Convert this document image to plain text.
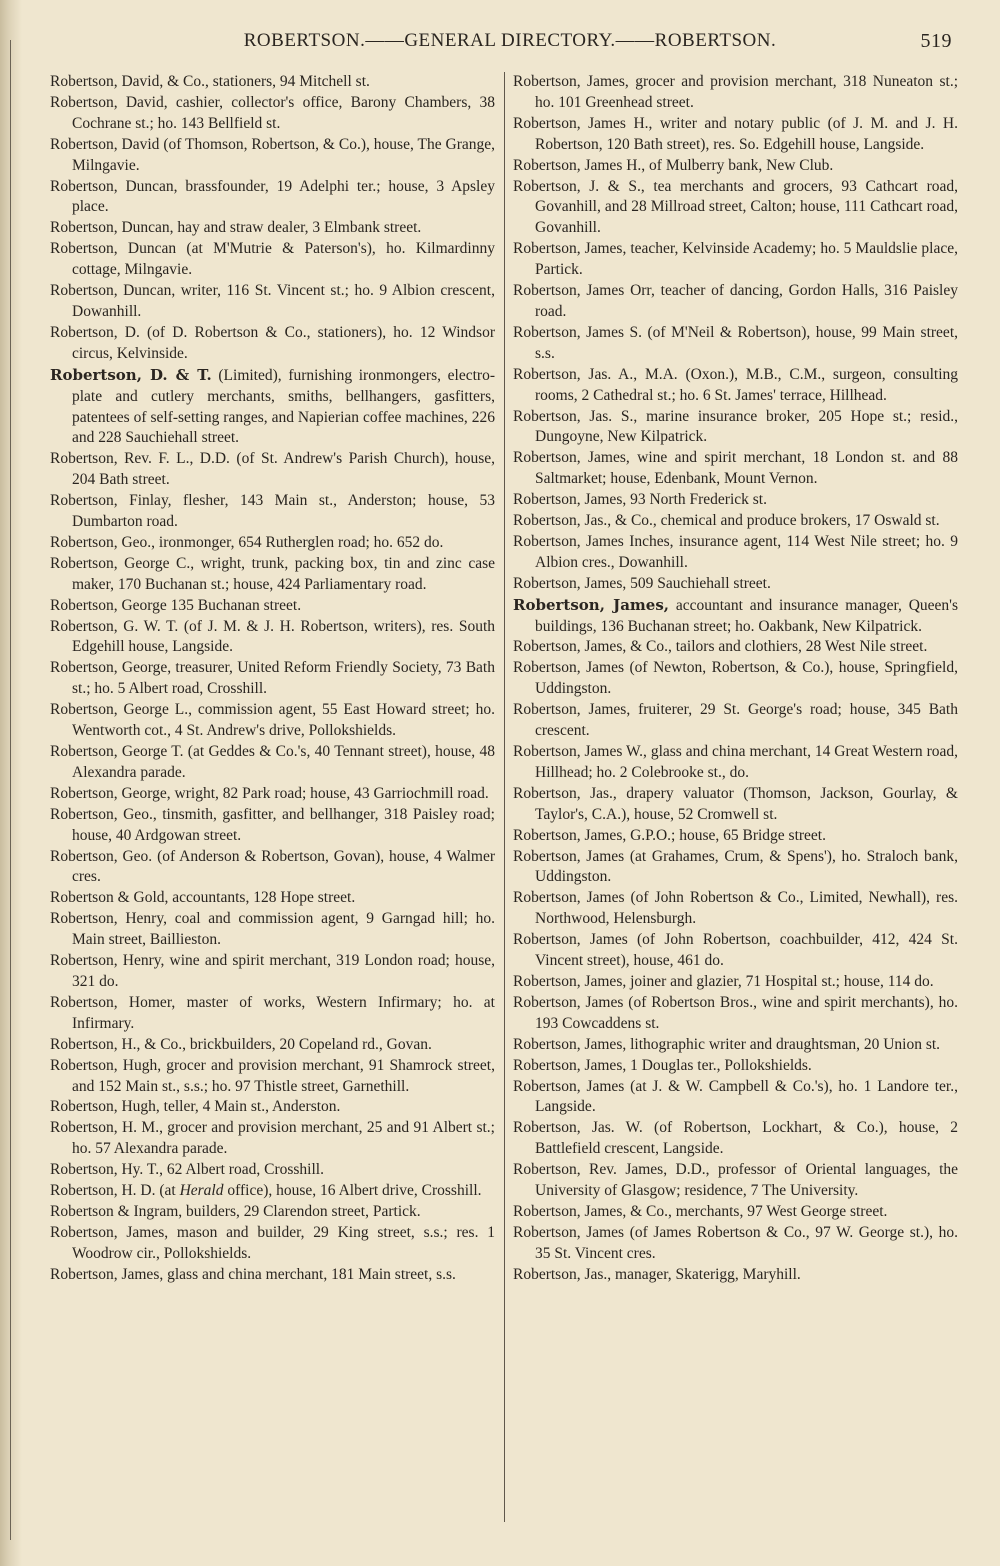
ROBERTSON.——GENERAL DIRECTORY.——ROBERTSON.	519

Robertson, David, & Co., stationers, 94 Mitchell st.

Robertson, David, cashier, collector's office, Barony Chambers, 38 Cochrane st.; ho. 143 Bellfield st.

Robertson, David (of Thomson, Robertson, & Co.), house, The Grange, Milngavie.

Robertson, Duncan, brassfounder, 19 Adelphi ter.; house, 3 Apsley place.

Robertson, Duncan, hay and straw dealer, 3 Elmbank street.

Robertson, Duncan (at M'Mutrie & Paterson's), ho. Kilmardinny cottage, Milngavie.

Robertson, Duncan, writer, 116 St. Vincent st.; ho. 9 Albion crescent, Dowanhill.

Robertson, D. (of D. Robertson & Co., stationers), ho. 12 Windsor circus, Kelvinside.

Robertson, D. & T. (Limited), furnishing ironmongers, electro-plate and cutlery merchants, smiths, bellhangers, gasfitters, patentees of self-setting ranges, and Napierian coffee machines, 226 and 228 Sauchiehall street.

Robertson, Rev. F. L., D.D. (of St. Andrew's Parish Church), house, 204 Bath street.

Robertson, Finlay, flesher, 143 Main st., Anderston; house, 53 Dumbarton road.

Robertson, Geo., ironmonger, 654 Rutherglen road; ho. 652 do.

Robertson, George C., wright, trunk, packing box, tin and zinc case maker, 170 Buchanan st.; house, 424 Parliamentary road.

Robertson, George 135 Buchanan street.

Robertson, G. W. T. (of J. M. & J. H. Robertson, writers), res. South Edgehill house, Langside.

Robertson, George, treasurer, United Reform Friendly Society, 73 Bath st.; ho. 5 Albert road, Crosshill.

Robertson, George L., commission agent, 55 East Howard street; ho. Wentworth cot., 4 St. Andrew's drive, Pollokshields.

Robertson, George T. (at Geddes & Co.'s, 40 Tennant street), house, 48 Alexandra parade.

Robertson, George, wright, 82 Park road; house, 43 Garriochmill road.

Robertson, Geo., tinsmith, gasfitter, and bellhanger, 318 Paisley road; house, 40 Ardgowan street.

Robertson, Geo. (of Anderson & Robertson, Govan), house, 4 Walmer cres.

Robertson & Gold, accountants, 128 Hope street.

Robertson, Henry, coal and commission agent, 9 Garngad hill; ho. Main street, Baillieston.

Robertson, Henry, wine and spirit merchant, 319 London road; house, 321 do.

Robertson, Homer, master of works, Western Infirmary; ho. at Infirmary.

Robertson, H., & Co., brickbuilders, 20 Copeland rd., Govan.

Robertson, Hugh, grocer and provision merchant, 91 Shamrock street, and 152 Main st., s.s.; ho. 97 Thistle street, Garnethill.

Robertson, Hugh, teller, 4 Main st., Anderston.

Robertson, H. M., grocer and provision merchant, 25 and 91 Albert st.; ho. 57 Alexandra parade.

Robertson, Hy. T., 62 Albert road, Crosshill.

Robertson, H. D. (at Herald office), house, 16 Albert drive, Crosshill.

Robertson & Ingram, builders, 29 Clarendon street, Partick.

Robertson, James, mason and builder, 29 King street, s.s.; res. 1 Woodrow cir., Pollokshields.

Robertson, James, glass and china merchant, 181 Main street, s.s.

Robertson, James, grocer and provision merchant, 318 Nuneaton st.; ho. 101 Greenhead street.

Robertson, James H., writer and notary public (of J. M. and J. H. Robertson, 120 Bath street), res. So. Edgehill house, Langside.

Robertson, James H., of Mulberry bank, New Club.

Robertson, J. & S., tea merchants and grocers, 93 Cathcart road, Govanhill, and 28 Millroad street, Calton; house, 111 Cathcart road, Govanhill.

Robertson, James, teacher, Kelvinside Academy; ho. 5 Mauldslie place, Partick.

Robertson, James Orr, teacher of dancing, Gordon Halls, 316 Paisley road.

Robertson, James S. (of M'Neil & Robertson), house, 99 Main street, s.s.

Robertson, Jas. A., M.A. (Oxon.), M.B., C.M., surgeon, consulting rooms, 2 Cathedral st.; ho. 6 St. James' terrace, Hillhead.

Robertson, Jas. S., marine insurance broker, 205 Hope st.; resid., Dungoyne, New Kilpatrick.

Robertson, James, wine and spirit merchant, 18 London st. and 88 Saltmarket; house, Edenbank, Mount Vernon.

Robertson, James, 93 North Frederick st.

Robertson, Jas., & Co., chemical and produce brokers, 17 Oswald st.

Robertson, James Inches, insurance agent, 114 West Nile street; ho. 9 Albion cres., Dowanhill.

Robertson, James, 509 Sauchiehall street.

Robertson, James, accountant and insurance manager, Queen's buildings, 136 Buchanan street; ho. Oakbank, New Kilpatrick.

Robertson, James, & Co., tailors and clothiers, 28 West Nile street.

Robertson, James (of Newton, Robertson, & Co.), house, Springfield, Uddingston.

Robertson, James, fruiterer, 29 St. George's road; house, 345 Bath crescent.

Robertson, James W., glass and china merchant, 14 Great Western road, Hillhead; ho. 2 Colebrooke st., do.

Robertson, Jas., drapery valuator (Thomson, Jackson, Gourlay, & Taylor's, C.A.), house, 52 Cromwell st.

Robertson, James, G.P.O.; house, 65 Bridge street.

Robertson, James (at Grahames, Crum, & Spens'), ho. Straloch bank, Uddingston.

Robertson, James (of John Robertson & Co., Limited, Newhall), res. Northwood, Helensburgh.

Robertson, James (of John Robertson, coachbuilder, 412, 424 St. Vincent street), house, 461 do.

Robertson, James, joiner and glazier, 71 Hospital st.; house, 114 do.

Robertson, James (of Robertson Bros., wine and spirit merchants), ho. 193 Cowcaddens st.

Robertson, James, lithographic writer and draughtsman, 20 Union st.

Robertson, James, 1 Douglas ter., Pollokshields.

Robertson, James (at J. & W. Campbell & Co.'s), ho. 1 Landore ter., Langside.

Robertson, Jas. W. (of Robertson, Lockhart, & Co.), house, 2 Battlefield crescent, Langside.

Robertson, Rev. James, D.D., professor of Oriental languages, the University of Glasgow; residence, 7 The University.

Robertson, James, & Co., merchants, 97 West George street.

Robertson, James (of James Robertson & Co., 97 W. George st.), ho. 35 St. Vincent cres.

Robertson, Jas., manager, Skaterigg, Maryhill.
